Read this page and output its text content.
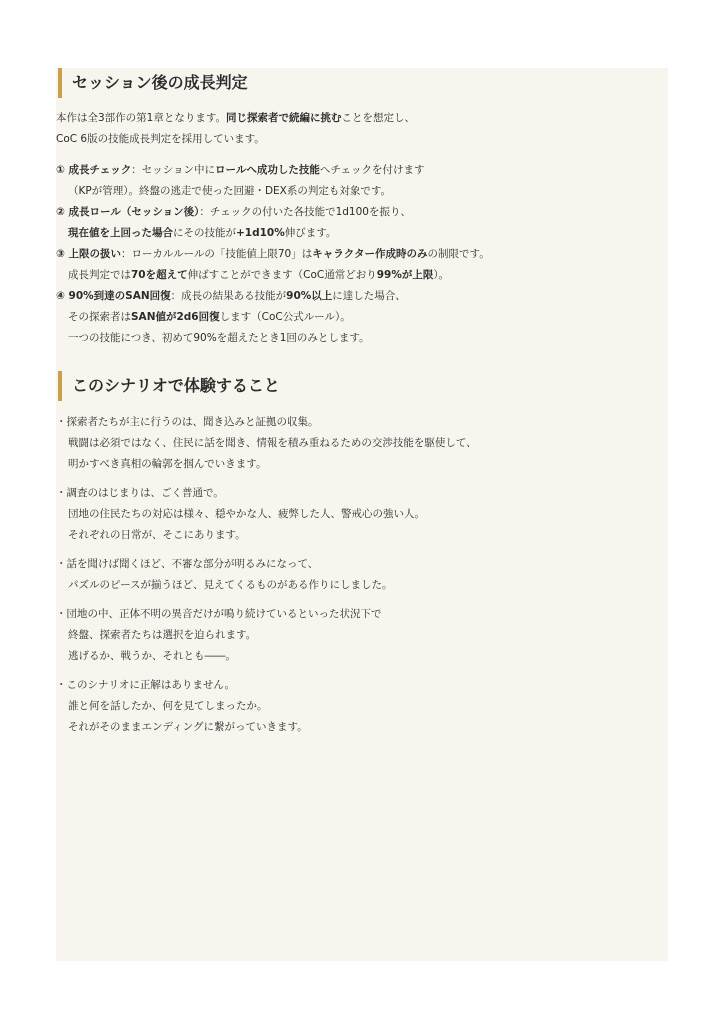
セッション後の成長判定
本作は全3部作の第1章となります。同じ探索者で続編に挑むことを想定し、
CoC 6版の技能成長判定を採用しています。
① 成長チェック：セッション中にロールへ成功した技能へチェックを付けます
（KPが管理）。終盤の逃走で使った回避・DEX系の判定も対象です。
② 成長ロール（セッション後）：チェックの付いた各技能で1d100を振り、
現在値を上回った場合にその技能が+1d10%伸びます。
③ 上限の扱い：ローカルルールの「技能値上限70」はキャラクター作成時のみの制限です。
成長判定では70を超えて伸ばすことができます（CoC通常どおり99%が上限）。
④ 90%到達のSAN回復：成長の結果ある技能が90%以上に達した場合、
その探索者はSAN値が2d6回復します（CoC公式ルール）。
一つの技能につき、初めて90%を超えたとき1回のみとします。
このシナリオで体験すること
・探索者たちが主に行うのは、聞き込みと証拠の収集。
戦闘は必須ではなく、住民に話を聞き、情報を積み重ねるための交渉技能を駆使して、
明かすべき真相の輪郭を掴んでいきます。
・調査のはじまりは、ごく普通で。
団地の住民たちの対応は様々、穏やかな人、疲弊した人、警戒心の強い人。
それぞれの日常が、そこにあります。
・話を聞けば聞くほど、不審な部分が明るみになって、
パズルのピースが揃うほど、見えてくるものがある作りにしました。
・団地の中、正体不明の異音だけが鳴り続けているといった状況下で
終盤、探索者たちは選択を迫られます。
逃げるか、戦うか、それとも――。
・このシナリオに正解はありません。
誰と何を話したか、何を見てしまったか。
それがそのままエンディングに繋がっていきます。
